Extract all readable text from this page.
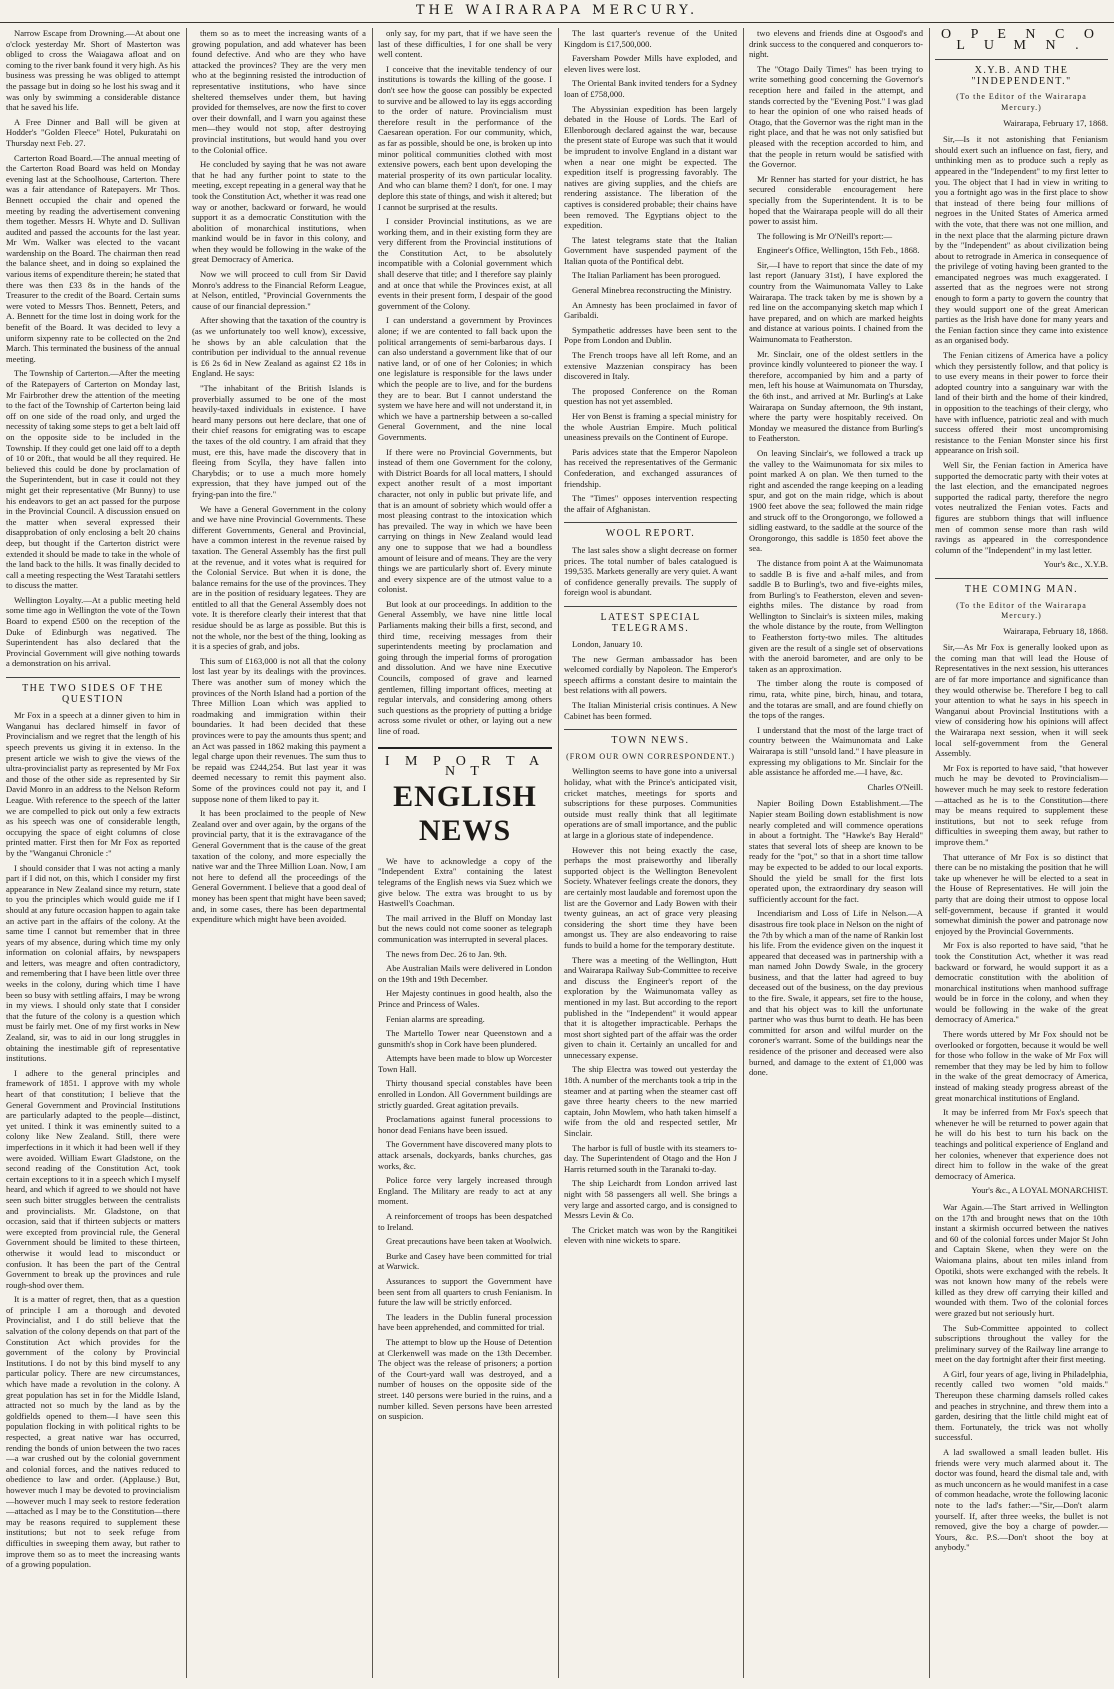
THE WAIRARAPA MERCURY.

Narrow Escape from Drowning.—At about one o'clock yesterday Mr. Short of Masterton was obliged to cross the Waiagawa afloat and on coming to the river bank found it very high. As his business was pressing he was obliged to attempt the passage but in doing so he lost his swag and it was only by swimming a considerable distance that he saved his life.

A Free Dinner and Ball will be given at Hodder's "Golden Fleece" Hotel, Pukuratahi on Thursday next Feb. 27.

Carterton Road Board.—The annual meeting of the Carterton Road Board was held on Monday evening last at the Schoolhouse, Carterton. There was a fair attendance of Ratepayers. Mr Thos. Bennett occupied the chair and opened the meeting by reading the advertisement convening them together. Messrs H. Whyte and D. Sullivan audited and passed the accounts for the last year. Mr Wm. Walker was elected to the vacant wardenship on the Board. The chairman then read the balance sheet, and in doing so explained the various items of expenditure therein; he stated that there was then £33 8s in the hands of the Treasurer to the credit of the Board. Certain sums were voted to Messrs Thos. Bennett, Peters, and A. Bennett for the time lost in doing work for the benefit of the Board. It was decided to levy a uniform sixpenny rate to be collected on the 2nd March. This terminated the business of the annual meeting.

The Township of Carterton.—After the meeting of the Ratepayers of Carterton on Monday last, Mr Fairbrother drew the attention of the meeting to the fact of the Township of Carterton being laid off on one side of the road only, and urged the necessity of taking some steps to get a belt laid off on the opposite side to be included in the Township. If they could get one laid off to a depth of 10 or 20ft., that would be all they required. He believed this could be done by proclamation of the Superintendent, but in case it could not they might get their representative (Mr Bunny) to use his endeavors to get an act passed for the purpose in the Provincial Council. A discussion ensued on the matter when several expressed their disapprobation of only enclosing a belt 20 chains deep, but thought if the Carterton district were extended it should be made to take in the whole of the land back to the hills. It was finally decided to call a meeting respecting the West Taratahi settlers to discuss the matter.

Wellington Loyalty.—At a public meeting held some time ago in Wellington the vote of the Town Board to expend £500 on the reception of the Duke of Edinburgh was negatived. The Superintendent has also declared that the Provincial Government will give nothing towards a demonstration on his arrival.

THE TWO SIDES OF THE QUESTION

Mr Fox in a speech at a dinner given to him in Wanganui has declared himself in favor of Provincialism and we regret that the length of his speech prevents us giving it in extenso. In the present article we wish to give the views of the ultra-provincialist party as represented by Mr Fox and those of the other side as represented by Sir David Monro in an address to the Nelson Reform League. With reference to the speech of the latter we are compelled to pick out only a few extracts as his speech was one of considerable length, occupying the space of eight columns of close printed matter. First then for Mr Fox as reported by the "Wanganui Chronicle :"

I should consider that I was not acting a manly part if I did not, on this, which I consider my first appearance in New Zealand since my return, state to you the principles which would guide me if I should at any future occasion happen to again take an active part in the affairs of the colony. At the same time I cannot but remember that in three years of my absence, during which time my only information on colonial affairs, by newspapers and letters, was meagre and often contradictory, and remembering that I have been little over three weeks in the colony, during which time I have been so busy with settling affairs, I may be wrong in my views. I should only state that I consider that the future of the colony is a question which must be fairly met. One of my first works in New Zealand, sir, was to aid in our long struggles in obtaining the inestimable gift of representative institutions.

I adhere to the general principles and framework of 1851. I approve with my whole heart of that constitution; I believe that the General Government and Provincial Institutions are particularly adapted to the people—distinct, yet united. I think it was eminently suited to a colony like New Zealand. Still, there were imperfections in it which it had been well if they were avoided. William Ewart Gladstone, on the second reading of the Constitution Act, took certain exceptions to it in a speech which I myself heard, and which if agreed to we should not have seen such bitter struggles between the centralists and provincialists. Mr. Gladstone, on that occasion, said that if thirteen subjects or matters were excepted from provincial rule, the General Government should be limited to these thirteen, otherwise it would lead to misconduct or confusion. It has been the part of the Central Government to break up the provinces and rule rough-shod over them.

It is a matter of regret, then, that as a question of principle I am a thorough and devoted Provincialist, and I do still believe that the salvation of the colony depends on that part of the Constitution Act which provides for the government of the colony by Provincial Institutions. I do not by this bind myself to any particular policy. There are new circumstances, which have made a revolution in the colony. A great population has set in for the Middle Island, attracted not so much by the land as by the goldfields opened to them—I have seen this population flocking in with political rights to be respected, a great native war has occurred, rending the bonds of union between the two races—a war crushed out by the colonial government and colonial forces, and the natives reduced to obedience to law and order. (Applause.) But, however much I may be devoted to provincialism—however much I may seek to restore federation—attached as I may be to the Constitution—there may be reasons required to supplement these institutions; but not to seek refuge from difficulties in sweeping them away, but rather to improve them so as to meet the increasing wants of a growing population.

them so as to meet the increasing wants of a growing population, and add whatever has been found defective. And who are they who have attacked the provinces? They are the very men who at the beginning resisted the introduction of representative institutions, who have since sheltered themselves under them, but having provided for themselves, are now the first to cover over their downfall, and I warn you against these men—they would not stop, after destroying provincial institutions, but would hand you over to the Colonial office.

He concluded by saying that he was not aware that he had any further point to state to the meeting, except repeating in a general way that he took the Constitution Act, whether it was read one way or another, backward or forward, he would support it as a democratic Constitution with the abolition of monarchical institutions, when mankind would be in favor in this colony, and when they would be following in the wake of the great Democracy of America.

Now we will proceed to cull from Sir David Monro's address to the Financial Reform League, at Nelson, entitled, "Provincial Governments the cause of our financial depression."

After showing that the taxation of the country is (as we unfortunately too well know), excessive, he shows by an able calculation that the contribution per individual to the annual revenue is £6 2s 6d in New Zealand as against £2 18s in England. He says:

"The inhabitant of the British Islands is proverbially assumed to be one of the most heavily-taxed individuals in existence. I have heard many persons out here declare, that one of their chief reasons for emigrating was to escape the taxes of the old country. I am afraid that they must, ere this, have made the discovery that in fleeing from Scylla, they have fallen into Charybdis; or to use a much more homely expression, that they have jumped out of the frying-pan into the fire."

We have a General Government in the colony and we have nine Provincial Governments. These different Governments, General and Provincial, have a common interest in the revenue raised by taxation. The General Assembly has the first pull at the revenue, and it votes what is required for the Colonial Service. But when it is done, the balance remains for the use of the provinces. They are in the position of residuary legatees. They are entitled to all that the General Assembly does not vote. It is therefore clearly their interest that that residue should be as large as possible. But this is not the whole, nor the best of the thing, looking as it is a species of grab, and jobs.

This sum of £163,000 is not all that the colony lost last year by its dealings with the provinces. There was another sum of money which the provinces of the North Island had a portion of the Three Million Loan which was applied to roadmaking and immigration within their boundaries. It had been decided that these provinces were to pay the amounts thus spent; and an Act was passed in 1862 making this payment a legal charge upon their revenues. The sum thus to be repaid was £244,254. But last year it was deemed necessary to remit this payment also. Some of the provinces could not pay it, and I suppose none of them liked to pay it.

It has been proclaimed to the people of New Zealand over and over again, by the organs of the provincial party, that it is the extravagance of the General Government that is the cause of the great taxation of the colony, and more especially the native war and the Three Million Loan. Now, I am not here to defend all the proceedings of the General Government. I believe that a good deal of money has been spent that might have been saved; and, in some cases, there has been departmental expenditure which might have been avoided.

only say, for my part, that if we have seen the last of these difficulties, I for one shall be very well content.

I conceive that the inevitable tendency of our institutions is towards the killing of the goose. I don't see how the goose can possibly be expected to survive and be allowed to lay its eggs according to the order of nature. Provincialism must therefore result in the performance of the Caesarean operation. For our community, which, as far as possible, should be one, is broken up into minor political communities clothed with most extensive powers, each bent upon developing the material prosperity of its own particular locality. And who can blame them? I don't, for one. I may deplore this state of things, and wish it altered; but I cannot be surprised at the results.

I consider Provincial institutions, as we are working them, and in their existing form they are very different from the Provincial institutions of the Constitution Act, to be absolutely incompatible with a Colonial government which shall deserve that title; and I therefore say plainly and at once that while the Provinces exist, at all events in their present form, I despair of the good government of the Colony.

I can understand a government by Provinces alone; if we are contented to fall back upon the political arrangements of semi-barbarous days. I can also understand a government like that of our native land, or of one of her Colonies; in which one legislature is responsible for the laws under which the people are to live, and for the burdens they are to bear. But I cannot understand the system we have here and will not understand it, in which we have a partnership between a so-called General Government, and the nine local Governments.

If there were no Provincial Governments, but instead of them one Government for the colony, with District Boards for all local matters, I should expect another result of a most important character, not only in public but private life, and that is an amount of sobriety which would offer a most pleasing contrast to the intoxication which has prevailed. The way in which we have been carrying on things in New Zealand would lead any one to suppose that we had a boundless amount of leisure and of means. They are the very things we are particularly short of. Every minute and every sixpence are of the utmost value to a colonist.

But look at our proceedings. In addition to the General Assembly, we have nine little local Parliaments making their bills a first, second, and third time, receiving messages from their superintendents meeting by proclamation and going through the imperial forms of prorogation and dissolution. And we have nine Executive Councils, composed of grave and learned gentlemen, filling important offices, meeting at regular intervals, and considering among others such questions as the propriety of putting a bridge across some rivulet or other, or laying out a new line of road.

I M P O R T A N T
ENGLISH NEWS

We have to acknowledge a copy of the "Independent Extra" containing the latest telegrams of the English news via Suez which we give below. The extra was brought to us by Hastwell's Coachman.

The mail arrived in the Bluff on Monday last but the news could not come sooner as telegraph communication was interrupted in several places.

The news from Dec. 26 to Jan. 9th.

Abe Australian Mails were delivered in London on the 19th and 19th December.

Her Majesty continues in good health, also the Prince and Princess of Wales.

Fenian alarms are spreading.

The Martello Tower near Queenstown and a gunsmith's shop in Cork have been plundered.

Attempts have been made to blow up Worcester Town Hall.

Thirty thousand special constables have been enrolled in London. All Government buildings are strictly guarded. Great agitation prevails.

Proclamations against funeral processions to honor dead Fenians have been issued.

The Government have discovered many plots to attack arsenals, dockyards, banks churches, gas works, &c.

Police force very largely increased through England. The Military are ready to act at any moment.

A reinforcement of troops has been despatched to Ireland.

Great precautions have been taken at Woolwich.

Burke and Casey have been committed for trial at Warwick.

Assurances to support the Government have been sent from all quarters to crush Fenianism. In future the law will be strictly enforced.

The leaders in the Dublin funeral procession have been apprehended, and committed for trial.

The attempt to blow up the House of Detention at Clerkenwell was made on the 13th December. The object was the release of prisoners; a portion of the Court-yard wall was destroyed, and a number of houses on the opposite side of the street. 140 persons were buried in the ruins, and a number killed. Seven persons have been arrested on suspicion.

The last quarter's revenue of the United Kingdom is £17,500,000.

Faversham Powder Mills have exploded, and eleven lives were lost.

The Oriental Bank invited tenders for a Sydney loan of £758,000.

The Abyssinian expedition has been largely debated in the House of Lords. The Earl of Ellenborough declared against the war, because the present state of Europe was such that it would be imprudent to involve England in a distant war when a near one might be expected. The expedition itself is progressing favorably. The natives are giving supplies, and the chiefs are rendering assistance. The liberation of the captives is considered probable; their chains have been removed. The Egyptians object to the expedition.

The latest telegrams state that the Italian Government have suspended payment of the Italian quota of the Pontifical debt.

The Italian Parliament has been prorogued.

General Minebrea reconstructing the Ministry.

An Amnesty has been proclaimed in favor of Garibaldi.

Sympathetic addresses have been sent to the Pope from London and Dublin.

The French troops have all left Rome, and an extensive Mazzenian conspiracy has been discovered in Italy.

The proposed Conference on the Roman question has not yet assembled.

Her von Benst is framing a special ministry for the whole Austrian Empire. Much political uneasiness prevails on the Continent of Europe.

Paris advices state that the Emperor Napoleon has received the representatives of the Germanic Confederation, and exchanged assurances of friendship.

The "Times" opposes intervention respecting the affair of Afghanistan.

WOOL REPORT.

The last sales show a slight decrease on former prices. The total number of bales catalogued is 199,535. Markets generally are very quiet. A want of confidence generally prevails. The supply of foreign wool is abundant.

LATEST SPECIAL TELEGRAMS.

London, January 10.

The new German ambassador has been welcomed cordially by Napoleon. The Emperor's speech affirms a constant desire to maintain the best relations with all powers.

The Italian Ministerial crisis continues. A New Cabinet has been formed.

TOWN NEWS.
(FROM OUR OWN CORRESPONDENT.)

Wellington seems to have gone into a universal holiday, what with the Prince's anticipated visit, cricket matches, meetings for sports and subscriptions for these purposes. Communities outside must really think that all legitimate operations are of small importance, and the public at large in a glorious state of independence.

However this not being exactly the case, perhaps the most praiseworthy and liberally supported object is the Wellington Benevolent Society. Whatever feelings create the donors, they are certainly most laudable and foremost upon the list are the Governor and Lady Bowen with their twenty guineas, an act of grace very pleasing considering the short time they have been amongst us. They are also endeavoring to raise funds to build a home for the temporary destitute.

There was a meeting of the Wellington, Hutt and Wairarapa Railway Sub-Committee to receive and discuss the Engineer's report of the exploration by the Waimunomata valley as mentioned in my last. But according to the report published in the "Independent" it would appear that it is altogether impracticable. Perhaps the most short sighted part of the affair was the order given to chain it. Certainly an uncalled for and unnecessary expense.

The ship Electra was towed out yesterday the 18th. A number of the merchants took a trip in the steamer and at parting when the steamer cast off gave three hearty cheers to the new married captain, John Mowlem, who hath taken himself a wife from the old and respected settler, Mr Sinclair.

The harbor is full of bustle with its steamers to-day. The Superintendent of Otago and the Hon J Harris returned south in the Taranaki to-day.

The ship Leichardt from London arrived last night with 58 passengers all well. She brings a very large and assorted cargo, and is consigned to Messrs Levin & Co.

The Cricket match was won by the Rangitikei eleven with nine wickets to spare.

two elevens and friends dine at Osgood's and drink success to the conquered and conquerors to-night.

The "Otago Daily Times" has been trying to write something good concerning the Governor's reception here and failed in the attempt, and stands corrected by the "Evening Post." I was glad to hear the opinion of one who raised heads of Otago, that the Governor was the right man in the right place, and that he was not only satisfied but pleased with the reception accorded to him, and that the people in return would be satisfied with the Governor.

Mr Renner has started for your district, he has secured considerable encouragement here specially from the Superintendent. It is to be hoped that the Wairarapa people will do all their power to assist him.

The following is Mr O'Neill's report:—

Engineer's Office, Wellington, 15th Feb., 1868.

Sir,—I have to report that since the date of my last report (January 31st), I have explored the country from the Waimunomata Valley to Lake Wairarapa. The track taken by me is shown by a red line on the accompanying sketch map which I have prepared, and on which are marked heights and distance at various points. I chained from the Waimunomata to Featherston.

Mr. Sinclair, one of the oldest settlers in the province kindly volunteered to pioneer the way. I therefore, accompanied by him and a party of men, left his house at Waimunomata on Thursday, the 6th inst., and arrived at Mr. Burling's at Lake Wairarapa on Sunday afternoon, the 9th instant, where the party were hospitably received. On Monday we measured the distance from Burling's to Featherston.

On leaving Sinclair's, we followed a track up the valley to the Waimunomata for six miles to point marked A on plan. We then turned to the right and ascended the range keeping on a leading spur, and got on the main ridge, which is about 1900 feet above the sea; followed the main ridge and struck off to the Orongorongo, we followed a sidling eastward, to the saddle at the source of the Orongorongo, this saddle is 1850 feet above the sea.

The distance from point A at the Waimunomata to saddle B is five and a-half miles, and from saddle B to Burling's, two and five-eights miles, from Burling's to Featherston, eleven and seven-eighths miles. The distance by road from Wellington to Sinclair's is sixteen miles, making the whole distance by the route, from Wellington to Featherston forty-two miles. The altitudes given are the result of a single set of observations with the aneroid barometer, and are only to be taken as an approximation.

The timber along the route is composed of rimu, rata, white pine, birch, hinau, and totara, and the totaras are small, and are found chiefly on the tops of the ranges.

I understand that the most of the large tract of country between the Waimunomata and Lake Wairarapa is still "unsold land." I have pleasure in expressing my obligations to Mr. Sinclair for the able assistance he afforded me.—I have, &c.

Charles O'Neill.

Napier Boiling Down Establishment.—The Napier steam Boiling down establishment is now nearly completed and will commence operations in about a fortnight. The "Hawke's Bay Herald" states that several lots of sheep are known to be ready for the "pot," so that in a short time tallow may be expected to be added to our local exports. Should the yield be small for the first lots operated upon, the extraordinary dry season will sufficiently account for the fact.

Incendiarism and Loss of Life in Nelson.—A disastrous fire took place in Nelson on the night of the 7th by which a man of the name of Rankin lost his life. From the evidence given on the inquest it appeared that deceased was in partnership with a man named John Dowdy Swale, in the grocery business, and that the latter had agreed to buy deceased out of the business, on the day previous to the fire. Swale, it appears, set fire to the house, and that his object was to kill the unfortunate partner who was thus burnt to death. He has been committed for arson and wilful murder on the coroner's warrant. Some of the buildings near the residence of the prisoner and deceased were also burned, and damage to the extent of £1,000 was done.

O P E N C O L U M N .
X.Y.B. AND THE "INDEPENDENT."
(To the Editor of the Wairarapa Mercury.)
Wairarapa, February 17, 1868.

Sir,—Is it not astonishing that Fenianism should exert such an influence on fast, fiery, and unthinking men as to produce such a reply as appeared in the "Independent" to my first letter to you. The object that I had in view in writing to you a fortnight ago was in the first place to show that instead of there being four millions of negroes in the United States of America armed with the vote, that there was not one million, and in the next place that the alarming picture drawn by the "Independent" as about civilization being about to retrograde in America in consequence of the privilege of voting having been granted to the emancipated negroes was much exaggerated. I asserted that as the negroes were not strong enough to form a party to govern the country that they would support one of the great American parties as the Irish have done for many years and the Fenian faction since they came into existence as an organised body.

The Fenian citizens of America have a policy which they persistently follow, and that policy is to use every means in their power to force their adopted country into a sanguinary war with the land of their birth and the home of their kindred, in opposition to the teachings of their clergy, who have with influence, patriotic zeal and with much success offered their most uncompromising resistance to the Fenian Monster since his first appearance on Irish soil.

Well Sir, the Fenian faction in America have supported the democratic party with their votes at the last election, and the emancipated negroes supported the radical party, therefore the negro votes neutralized the Fenian votes. Facts and figures are stubborn things that will influence men of common sense more than rash wild ravings as appeared in the correspondence column of the "Independent" in my last letter.

Your's &c., X.Y.B.
THE COMING MAN.
(To the Editor of the Wairarapa Mercury.)
Wairarapa, February 18, 1868.

Sir,—As Mr Fox is generally looked upon as the coming man that will lead the House of Representatives in the next session, his utterances are of far more importance and significance than they would otherwise be. Therefore I beg to call your attention to what he says in his speech in Wanganui about Provincial Institutions with a view of considering how his opinions will affect the Wairarapa next session, when it will seek local self-government from the General Assembly.

Mr Fox is reported to have said, "that however much he may be devoted to Provincialism—however much he may seek to restore federation—attached as he is to the Constitution—there may be means required to supplement these institutions, but not to seek refuge from difficulties in sweeping them away, but rather to improve them."

That utterance of Mr Fox is so distinct that there can be no mistaking the position that he will take up whenever he will be elected to a seat in the House of Representatives. He will join the party that are doing their utmost to oppose local self-government, because if granted it would somewhat diminish the power and patronage now enjoyed by the Provincial Governments.

Mr Fox is also reported to have said, "that he took the Constitution Act, whether it was read backward or forward, he would support it as a democratic constitution with the abolition of monarchical institutions when manhood suffrage would be in force in the colony, and when they would be following in the wake of the great democracy of America."

There words uttered by Mr Fox should not be overlooked or forgotten, because it would be well for those who follow in the wake of Mr Fox will remember that they may be led by him to follow in the wake of the great democracy of America, instead of making steady progress abreast of the great monarchical institutions of England.

It may be inferred from Mr Fox's speech that whenever he will be returned to power again that he will do his best to turn his back on the teachings and political experience of England and her colonies, whenever that experience does not direct him to follow in the wake of the great democracy of America.

Your's &c., A LOYAL MONARCHIST.

War Again.—The Start arrived in Wellington on the 17th and brought news that on the 10th instant a skirmish occurred between the natives and 60 of the colonial forces under Major St John and Captain Skene, when they were on the Waiomana plains, about ten miles inland from Opotiki, shots were exchanged with the rebels. It was not known how many of the rebels were killed as they drew off carrying their killed and wounded with them. Two of the colonial forces were grazed but not seriously hurt.

The Sub-Committee appointed to collect subscriptions throughout the valley for the preliminary survey of the Railway line arrange to meet on the day fortnight after their first meeting.

A Girl, four years of age, living in Philadelphia, recently called two women "old maids." Thereupon these charming damsels rolled cakes and peaches in strychnine, and threw them into a garden, desiring that the little child might eat of them. Fortunately, the trick was not wholly successful.

A lad swallowed a small leaden bullet. His friends were very much alarmed about it. The doctor was found, heard the dismal tale and, with as much unconcern as he would manifest in a case of common headache, wrote the following laconic note to the lad's father:—"Sir,—Don't alarm yourself. If, after three weeks, the bullet is not removed, give the boy a charge of powder.—Yours, &c. P.S.—Don't shoot the boy at anybody."
